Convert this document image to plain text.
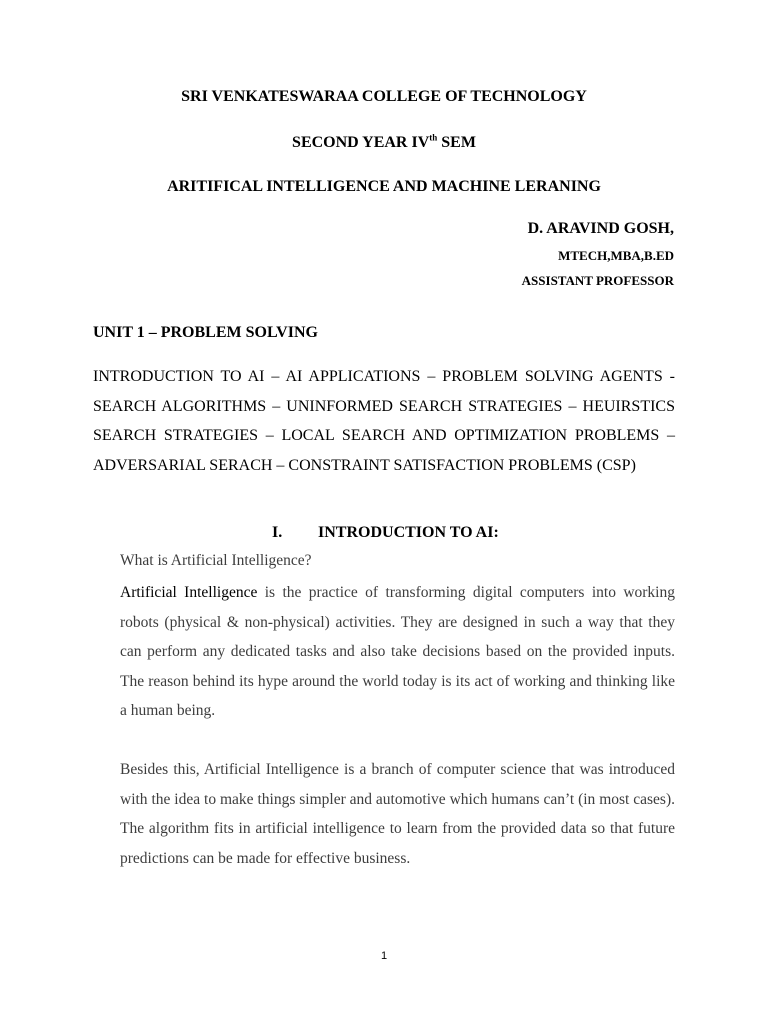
SRI VENKATESWARAA COLLEGE OF TECHNOLOGY
SECOND YEAR IVth SEM
ARITIFICAL INTELLIGENCE AND MACHINE LERANING
D. ARAVIND GOSH,
MTECH,MBA,B.ED
ASSISTANT PROFESSOR
UNIT 1 – PROBLEM SOLVING
INTRODUCTION TO AI – AI APPLICATIONS – PROBLEM SOLVING AGENTS - SEARCH ALGORITHMS – UNINFORMED SEARCH STRATEGIES – HEUIRSTICS SEARCH STRATEGIES – LOCAL SEARCH AND OPTIMIZATION PROBLEMS – ADVERSARIAL SERACH – CONSTRAINT SATISFACTION PROBLEMS (CSP)
I. INTRODUCTION TO AI:
What is Artificial Intelligence?
Artificial Intelligence is the practice of transforming digital computers into working robots (physical & non-physical) activities. They are designed in such a way that they can perform any dedicated tasks and also take decisions based on the provided inputs. The reason behind its hype around the world today is its act of working and thinking like a human being.
Besides this, Artificial Intelligence is a branch of computer science that was introduced with the idea to make things simpler and automotive which humans can’t (in most cases). The algorithm fits in artificial intelligence to learn from the provided data so that future predictions can be made for effective business.
1
